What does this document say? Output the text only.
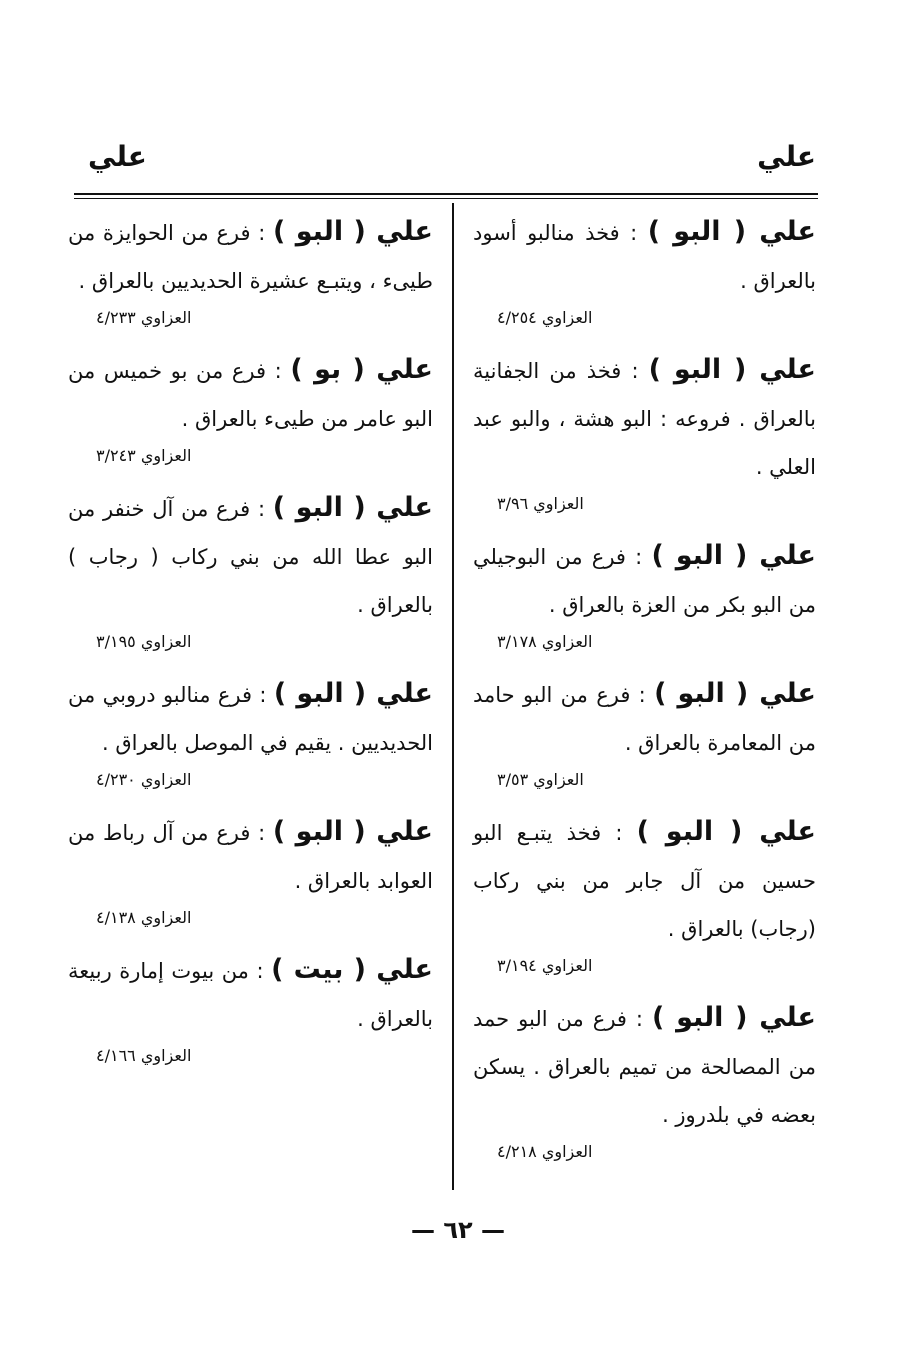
علي
علي
علي ( البو ) : فخذ منالبو أسود بالعراق .
العزاوي ٤/٢٥٤
علي ( البو ) : فخذ من الجفانية بالعراق . فروعه : البو هشة ، والبو عبد العلي .
العزاوي ٣/٩٦
علي ( البو ) : فرع من البوجيلي من البو بكر من العزة بالعراق .
العزاوي ٣/١٧٨
علي ( البو ) : فرع من البو حامد من المعامرة بالعراق .
العزاوي ٣/٥٣
علي ( البو ) : فخذ يتبـع البو حسين من آل جابر من بني ركاب (رجاب) بالعراق .
العزاوي ٣/١٩٤
علي ( البو ) : فرع من البو حمد من المصالحة من تميم بالعراق . يسكن بعضه في بلدروز .
العزاوي ٤/٢١٨
علي ( البو ) : فرع من الحوايزة من طيىء ، ويتبـع عشيرة الحديديين بالعراق .
العزاوي ٤/٢٣٣
علي ( بو ) : فرع من بو خميس من البو عامر من طيىء بالعراق .
العزاوي ٣/٢٤٣
علي ( البو ) : فرع من آل خنفر من البو عطا الله من بني ركاب ( رجاب ) بالعراق .
العزاوي ٣/١٩٥
علي ( البو ) : فرع منالبو دروبي من الحديديين . يقيم في الموصل بالعراق .
العزاوي ٤/٢٣٠
علي ( البو ) : فرع من آل رباط من العوابد بالعراق .
العزاوي ٤/١٣٨
علي ( بيت ) : من بيوت إمارة ربيعة بالعراق .
العزاوي ٤/١٦٦
— ٦٢ —
